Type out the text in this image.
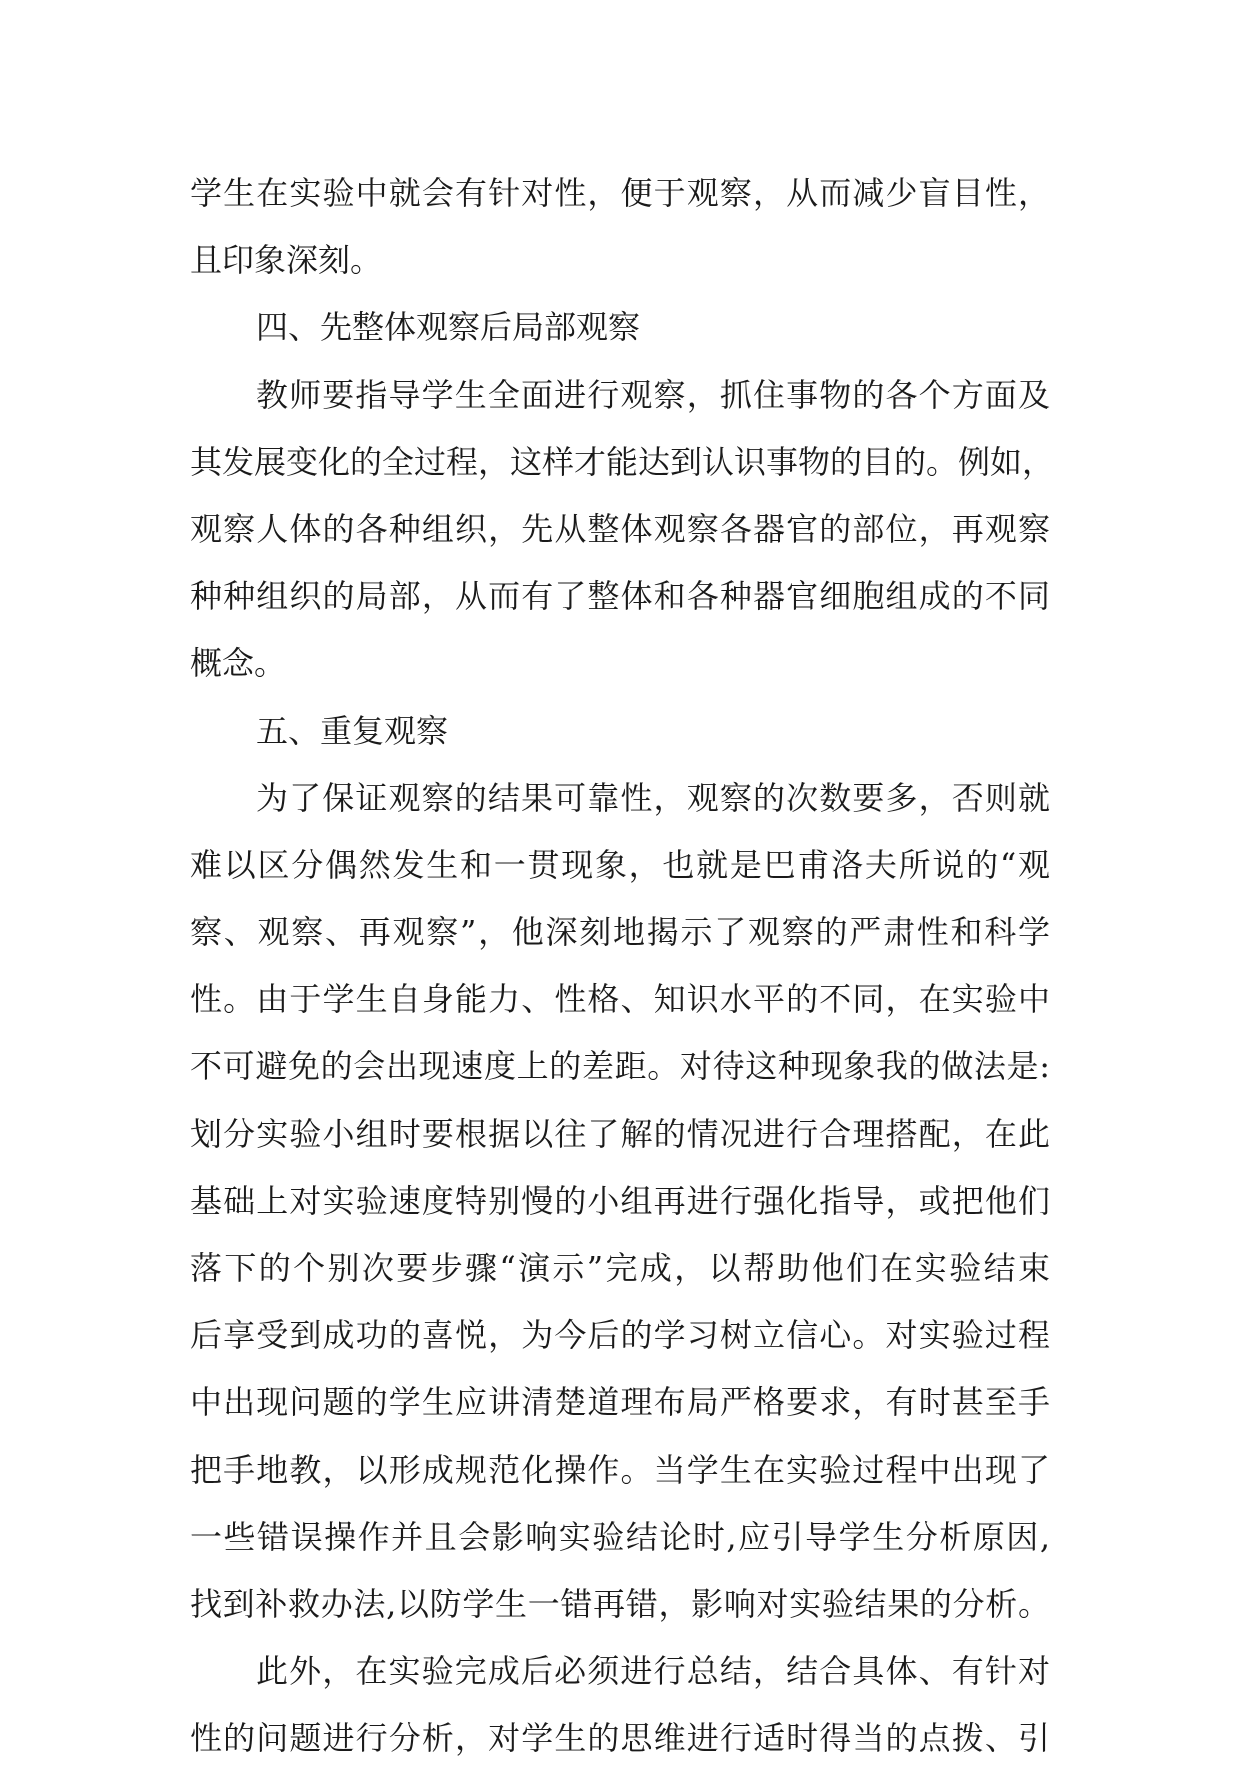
学生在实验中就会有针对性，便于观察，从而减少盲目性，
且印象深刻。
四、先整体观察后局部观察
教师要指导学生全面进行观察，抓住事物的各个方面及
其发展变化的全过程，这样才能达到认识事物的目的。例如，
观察人体的各种组织，先从整体观察各器官的部位，再观察
种种组织的局部，从而有了整体和各种器官细胞组成的不同
概念。
五、重复观察
为了保证观察的结果可靠性，观察的次数要多，否则就
难以区分偶然发生和一贯现象，也就是巴甫洛夫所说的“观
察、观察、再观察”，他深刻地揭示了观察的严肃性和科学
性。由于学生自身能力、性格、知识水平的不同，在实验中
不可避免的会出现速度上的差距。对待这种现象我的做法是:
划分实验小组时要根据以往了解的情况进行合理搭配，在此
基础上对实验速度特别慢的小组再进行强化指导，或把他们
落下的个别次要步骤“演示”完成，以帮助他们在实验结束
后享受到成功的喜悦，为今后的学习树立信心。对实验过程
中出现问题的学生应讲清楚道理布局严格要求，有时甚至手
把手地教，以形成规范化操作。当学生在实验过程中出现了
一些错误操作并且会影响实验结论时,应引导学生分析原因,
找到补救办法,以防学生一错再错，影响对实验结果的分析。
此外，在实验完成后必须进行总结，结合具体、有针对
性的问题进行分析，对学生的思维进行适时得当的点拨、引
